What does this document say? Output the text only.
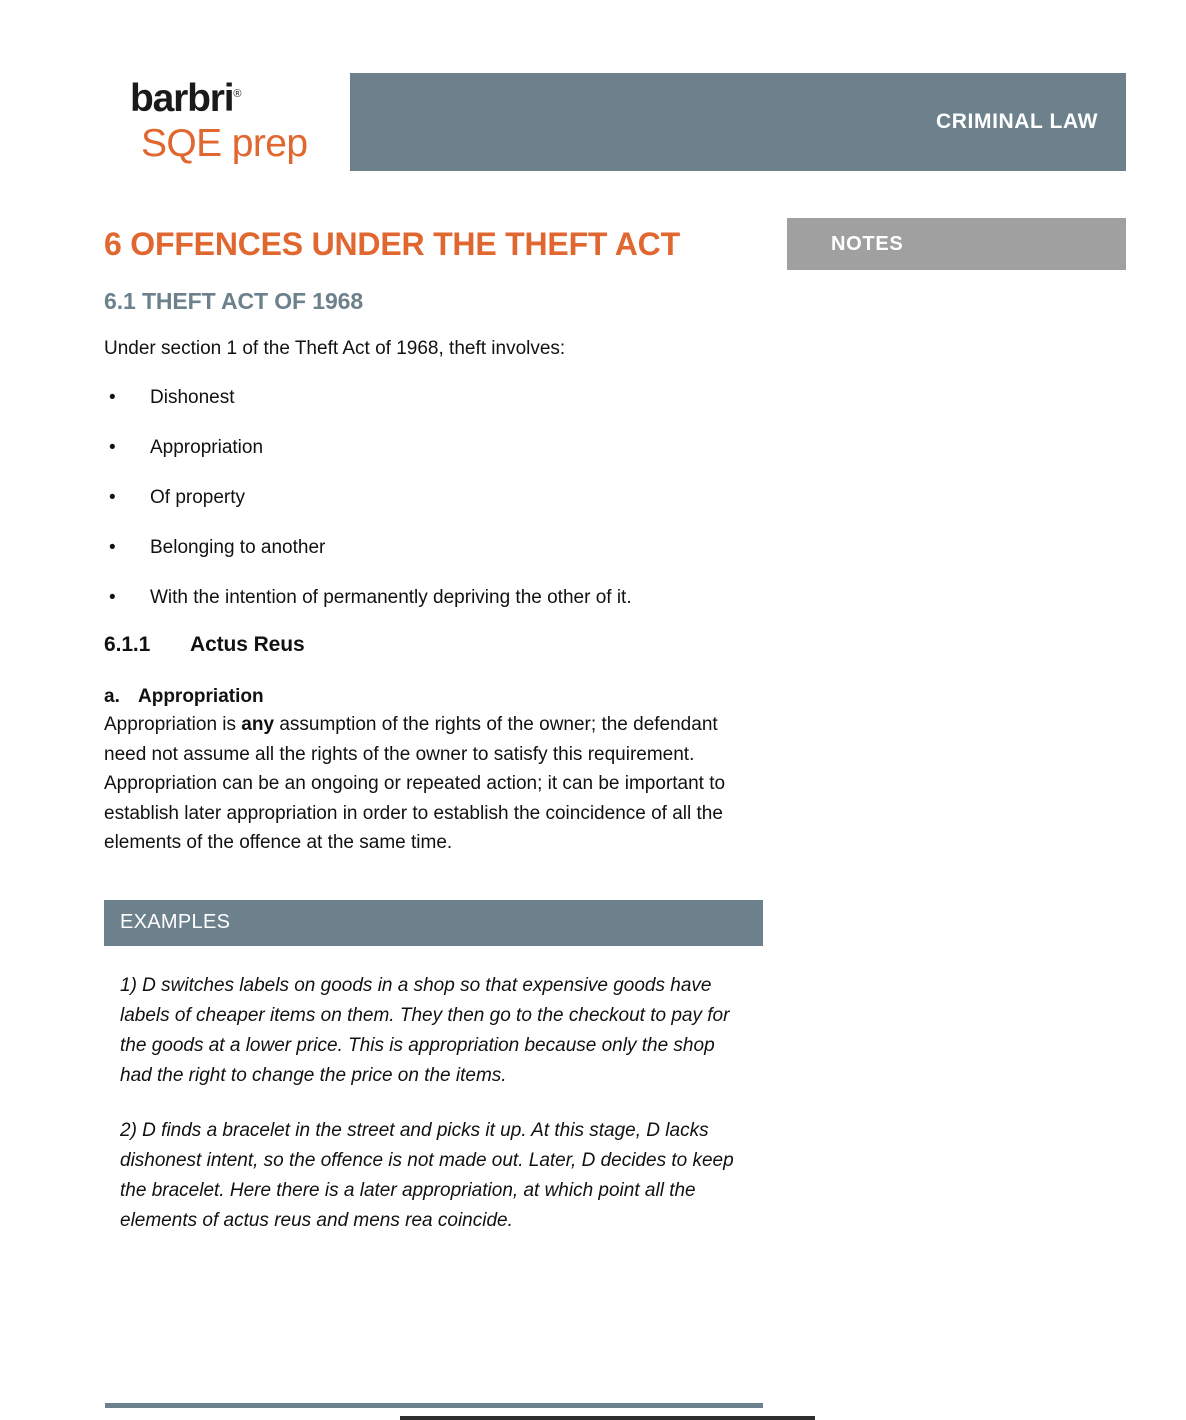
barbri®
SQE prep
CRIMINAL LAW
NOTES
6 OFFENCES UNDER THE THEFT ACT
6.1 THEFT ACT OF 1968

Under section 1 of the Theft Act of 1968, theft involves:

•	Dishonest
•	Appropriation
•	Of property
•	Belonging to another
•	With the intention of permanently depriving the other of it.
6.1.1 Actus Reus
a. Appropriation

Appropriation is any assumption of the rights of the owner; the defendant need not assume all the rights of the owner to satisfy this requirement. Appropriation can be an ongoing or repeated action; it can be important to establish later appropriation in order to establish the coincidence of all the elements of the offence at the same time.

EXAMPLES

1) D switches labels on goods in a shop so that expensive goods have labels of cheaper items on them. They then go to the checkout to pay for the goods at a lower price. This is appropriation because only the shop had the right to change the price on the items.

2) D finds a bracelet in the street and picks it up. At this stage, D lacks dishonest intent, so the offence is not made out. Later, D decides to keep the bracelet. Here there is a later appropriation, at which point all the elements of actus reus and mens rea coincide.
